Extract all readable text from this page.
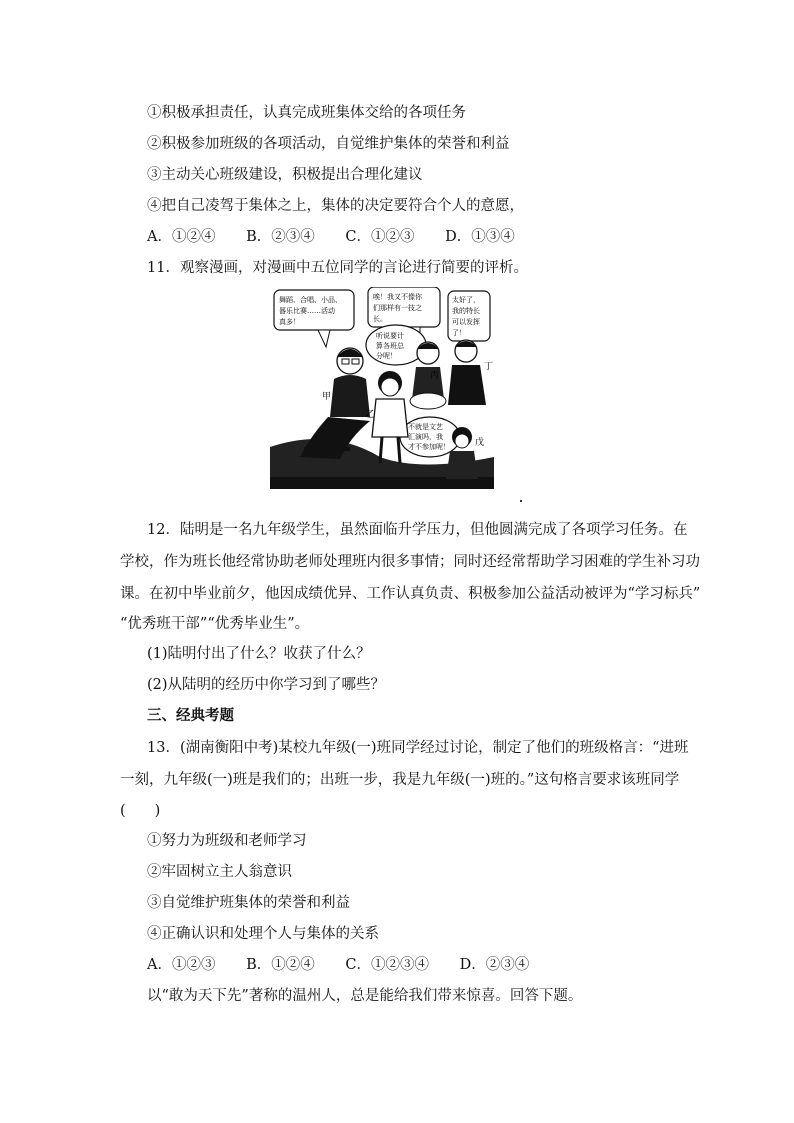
①积极承担责任，认真完成班集体交给的各项任务
②积极参加班级的各项活动，自觉维护集体的荣誉和利益
③主动关心班级建设，积极提出合理化建议
④把自己凌驾于集体之上，集体的决定要符合个人的意愿，
A．①②④ B．②③④ C．①②③ D．①③④
11．观察漫画，对漫画中五位同学的言论进行简要的评析。
舞蹈、合唱、小品、
器乐比赛……活动
真多！
唉！我又不像你
们那样有一技之
长。
太好了，
我的特长
可以发挥
了！
听说要计
算各班总
分呢！
不就是文艺
汇演吗，我
才不参加呢！
甲
乙
丙
丁
戊
12．陆明是一名九年级学生，虽然面临升学压力，但他圆满完成了各项学习任务。在
学校，作为班长他经常协助老师处理班内很多事情；同时还经常帮助学习困难的学生补习功
课。在初中毕业前夕，他因成绩优异、工作认真负责、积极参加公益活动被评为“学习标兵”
“优秀班干部”“优秀毕业生”。
(1)陆明付出了什么？收获了什么？
(2)从陆明的经历中你学习到了哪些？
三、经典考题
13．(湖南衡阳中考)某校九年级(一)班同学经过讨论，制定了他们的班级格言：“进班
一刻，九年级(一)班是我们的；出班一步，我是九年级(一)班的。”这句格言要求该班同学
(　　)
①努力为班级和老师学习
②牢固树立主人翁意识
③自觉维护班集体的荣誉和利益
④正确认识和处理个人与集体的关系
A．①②③ B．①②④ C．①②③④ D．②③④
以“敢为天下先”著称的温州人，总是能给我们带来惊喜。回答下题。
